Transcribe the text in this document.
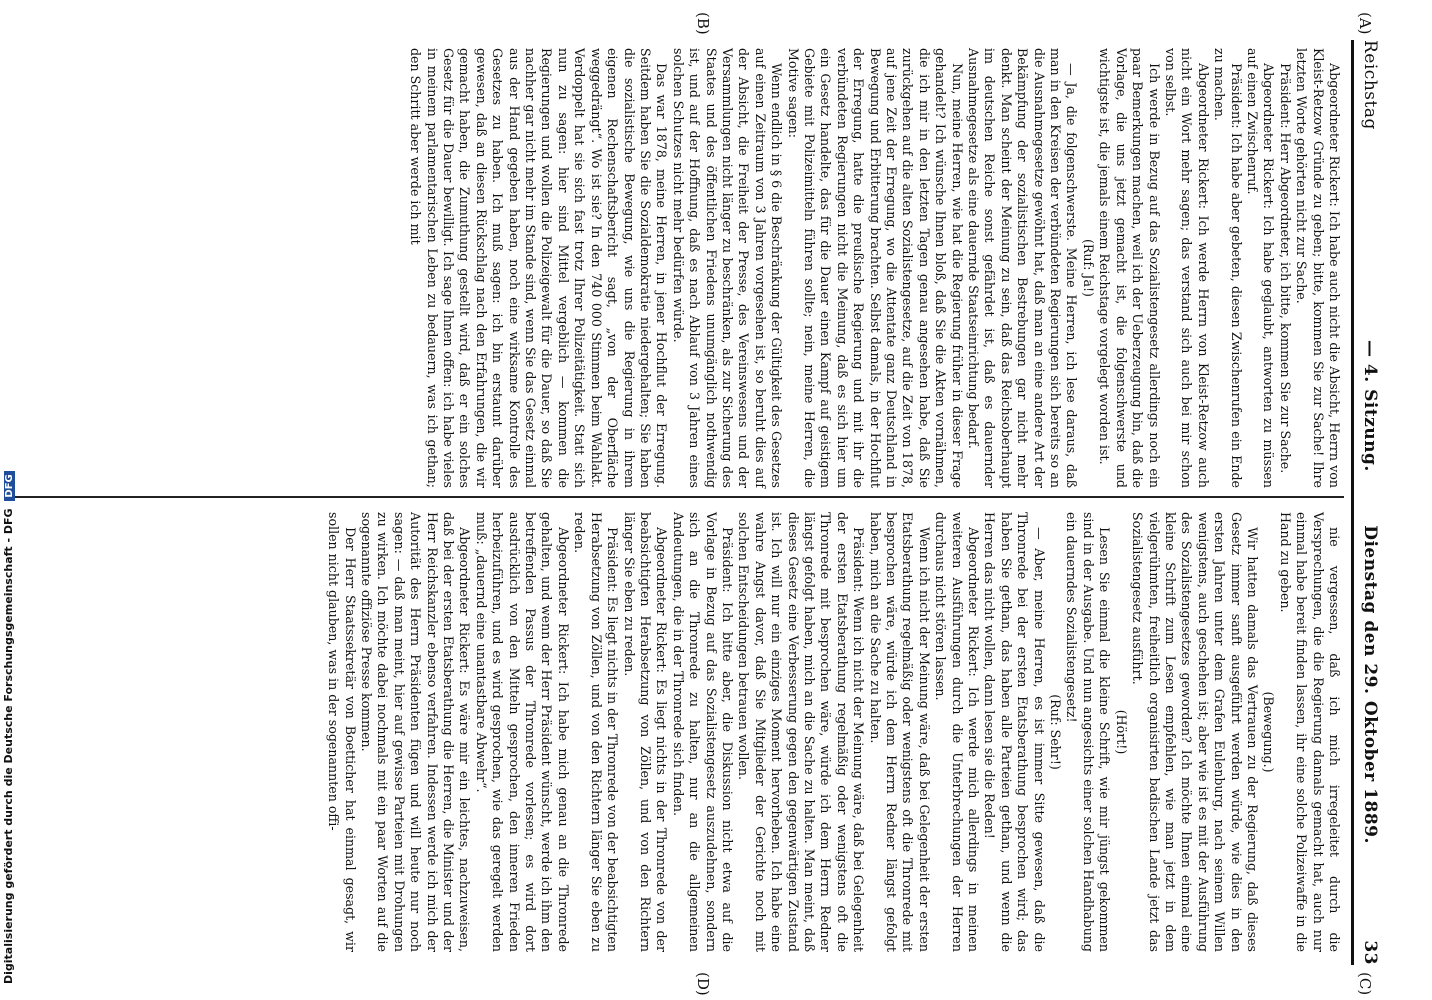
Reichstag
— 4. Sitzung.
Dienstag den 29. Oktober 1889. 33
(A)
(B)
(C)
(D)

Abgeordneter Rickert: Ich habe auch nicht die Absicht, Herrn von Kleist-Retzow Gründe zu geben; bitte, kommen Sie zur Sache! Ihre letzten Worte gehörten nicht zur Sache.

Präsident: Herr Abgeordneter, ich bitte, kommen Sie zur Sache.

Abgeordneter Rickert: Ich habe geglaubt, antworten zu müssen auf einen Zwischenruf.

Präsident: Ich habe aber gebeten, diesen Zwischenrufen ein Ende zu machen.

Abgeordneter Rickert: Ich werde Herrn von Kleist-Retzow auch nicht ein Wort mehr sagen; das verstand sich auch bei mir schon von selbst.

Ich werde in Bezug auf das Sozialistengesetz allerdings noch ein paar Bemerkungen machen, weil ich der Ueberzeugung bin, daß die Vorlage, die uns jetzt gemacht ist, die folgenschwerste und wichtigste ist, die jemals einem Reichstage vorgelegt worden ist.

(Ruf: Ja!)

— Ja, die folgenschwerste. Meine Herren, ich lese daraus, daß man in den Kreisen der verbündeten Regierungen sich bereits so an die Ausnahmegesetze gewöhnt hat, daß man an eine andere Art der Bekämpfung der sozialistischen Bestrebungen gar nicht mehr denkt. Man scheint der Meinung zu sein, daß das Reichsoberhaupt im deutschen Reiche sonst gefährdet ist, daß es dauernder Ausnahmegesetze als eine dauernde Staatseinrichtung bedarf.

Nun, meine Herren, wie hat die Regierung früher in dieser Frage gehandelt? Ich wünsche Ihnen bloß, daß Sie die Akten vornähmen, die ich mir in den letzten Tagen genau angesehen habe, daß Sie zurückgehen auf die alten Sozialistengesetze, auf die Zeit von 1878, auf jene Zeit der Erregung, wo die Attentate ganz Deutschland in Bewegung und Erbitterung brachten. Selbst damals, in der Hochflut der Erregung, hatte die preußische Regierung und mit ihr die verbündeten Regierungen nicht die Meinung, daß es sich hier um ein Gesetz handelte, das für die Dauer einen Kampf auf geistigem Gebiete mit Polizeimitteln führen sollte; nein, meine Herren, die Motive sagen:

Wenn endlich in § 6 die Beschränkung der Gültigkeit des Gesetzes auf einen Zeitraum von 3 Jahren vorgesehen ist, so beruht dies auf der Absicht, die Freiheit der Presse, des Vereinswesens und der Versammlungen nicht länger zu beschränken, als zur Sicherung des Staates und des öffentlichen Friedens unumgänglich nothwendig ist, und auf der Hoffnung, daß es nach Ablauf von 3 Jahren eines solchen Schutzes nicht mehr bedürfen würde.

Das war 1878, meine Herren, in jener Hochflut der Erregung. Seitdem haben Sie die Sozialdemokratie niedergehalten; Sie haben die sozialistische Bewegung, wie uns die Regierung in ihrem eigenen Rechenschaftsbericht sagt, „von der Oberfläche weggedrängt“. Wo ist sie? In den 740 000 Stimmen beim Wahlakt. Verdoppelt hat sie sich fast trotz Ihrer Polizeitätigkeit. Statt sich nun zu sagen: hier sind Mittel vergeblich — kommen die Regierungen und wollen die Polizeigewalt für die Dauer, so daß Sie nachher gar nicht mehr im Stande sind, wenn Sie das Gesetz einmal aus der Hand gegeben haben, noch eine wirksame Kontrolle des Gesetzes zu haben. Ich muß sagen: ich bin erstaunt darüber gewesen, daß an diesen Rückschlag nach den Erfahrungen, die wir gemacht haben, die Zumuthung gestellt wird, daß er ein solches Gesetz für die Dauer bewilligt. Ich sage Ihnen offen: ich habe vieles in meinem parlamentarischen Leben zu bedauern, was ich gethan; den Schritt aber werde ich mit

nie vergessen, daß ich mich irregeleitet durch die Versprechungen, die die Regierung damals gemacht hat, auch nur einmal habe bereit finden lassen, ihr eine solche Polizeiwaffe in die Hand zu geben.

(Bewegung.)

Wir hatten damals das Vertrauen zu der Regierung, daß dieses Gesetz immer sanft ausgeführt werden würde, wie dies in den ersten Jahren unter dem Grafen Eulenburg, nach seinem Willen wenigstens, auch geschehen ist; aber wie ist es mit der Ausführung des Sozialistengesetzes geworden? Ich möchte Ihnen einmal eine kleine Schrift zum Lesen empfehlen, wie man jetzt in dem vielgerühmten, freiheitlich organisirten badischen Lande jetzt das Sozialistengesetz ausführt.

(Hört!)

Lesen Sie einmal die kleine Schrift, wie mir jüngst gekommen sind in der Ausgabe. Und nun angesichts einer solchen Handhabung ein dauerndes Sozialistengesetz!

(Ruf: Sehr!)

— Aber, meine Herren, es ist immer Sitte gewesen, daß die Thronrede bei der ersten Etatsberathung besprochen wird; das haben Sie gethan, das haben alle Parteien gethan, und wenn die Herren das nicht wollen, dann lesen sie die Reden!

Abgeordneter Rickert: Ich werde mich allerdings in meinen weiteren Ausführungen durch die Unterbrechungen der Herren durchaus nicht stören lassen.

Wenn ich nicht der Meinung wäre, daß bei Gelegenheit der ersten Etatsberathung regelmäßig oder wenigstens oft die Thronrede mit besprochen wäre, würde ich dem Herrn Redner längst gefolgt haben, mich an die Sache zu halten.

Präsident: Wenn ich nicht der Meinung wäre, daß bei Gelegenheit der ersten Etatsberathung regelmäßig oder wenigstens oft die Thronrede mit besprochen wäre, würde ich dem Herrn Redner längst gefolgt haben, mich an die Sache zu halten. Man meint, daß dieses Gesetz eine Verbesserung gegen den gegenwärtigen Zustand ist. Ich will nur ein einziges Moment hervorheben. Ich habe eine wahre Angst davor, daß Sie Mitglieder der Gerichte noch mit solchen Entscheidungen betrauen wollen.

Präsident: Ich bitte aber, die Diskussion nicht etwa auf die Vorlage in Bezug auf das Sozialistengesetz auszudehnen, sondern sich an die Thronrede zu halten, nur an die allgemeinen Andeutungen, die in der Thronrede sich finden.

Abgeordneter Rickert: Es liegt nichts in der Thronrede von der beabsichtigten Herabsetzung von Zöllen, und von den Richtern länger Sie eben zu reden.

Präsident: Es liegt nichts in der Thronrede von der beabsichtigten Herabsetzung von Zöllen, und von den Richtern länger Sie eben zu reden.

Abgeordneter Rickert: Ich habe mich genau an die Thronrede gehalten, und wenn der Herr Präsident wünscht, werde ich ihm den betreffenden Passus der Thronrede vorlesen; es wird dort ausdrücklich von den Mitteln gesprochen, den inneren Frieden herbeizuführen, und es wird gesprochen, wie das geregelt werden muß: „dauernd eine unantastbare Abwehr“.

Abgeordneter Rickert: Es wäre mir ein leichtes, nachzuweisen, daß bei der ersten Etatsberathung die Herren, die Minister und der Herr Reichskanzler ebenso verfahren. Indessen werde ich mich der Autorität des Herrn Präsidenten fügen und will heute nur noch sagen: — daß man meint, hier auf gewisse Parteien mit Drohungen zu wirken. Ich möchte dabei nochmals mit ein paar Worten auf die sogenannte offiziöse Presse kommen.

Der Herr Staatssekretär von Boetticher hat einmal gesagt, wir sollen nicht glauben, was in der sogenannten offi-

Digitalisierung gefördert durch die Deutsche Forschungsgemeinschaft - DFG DFG
